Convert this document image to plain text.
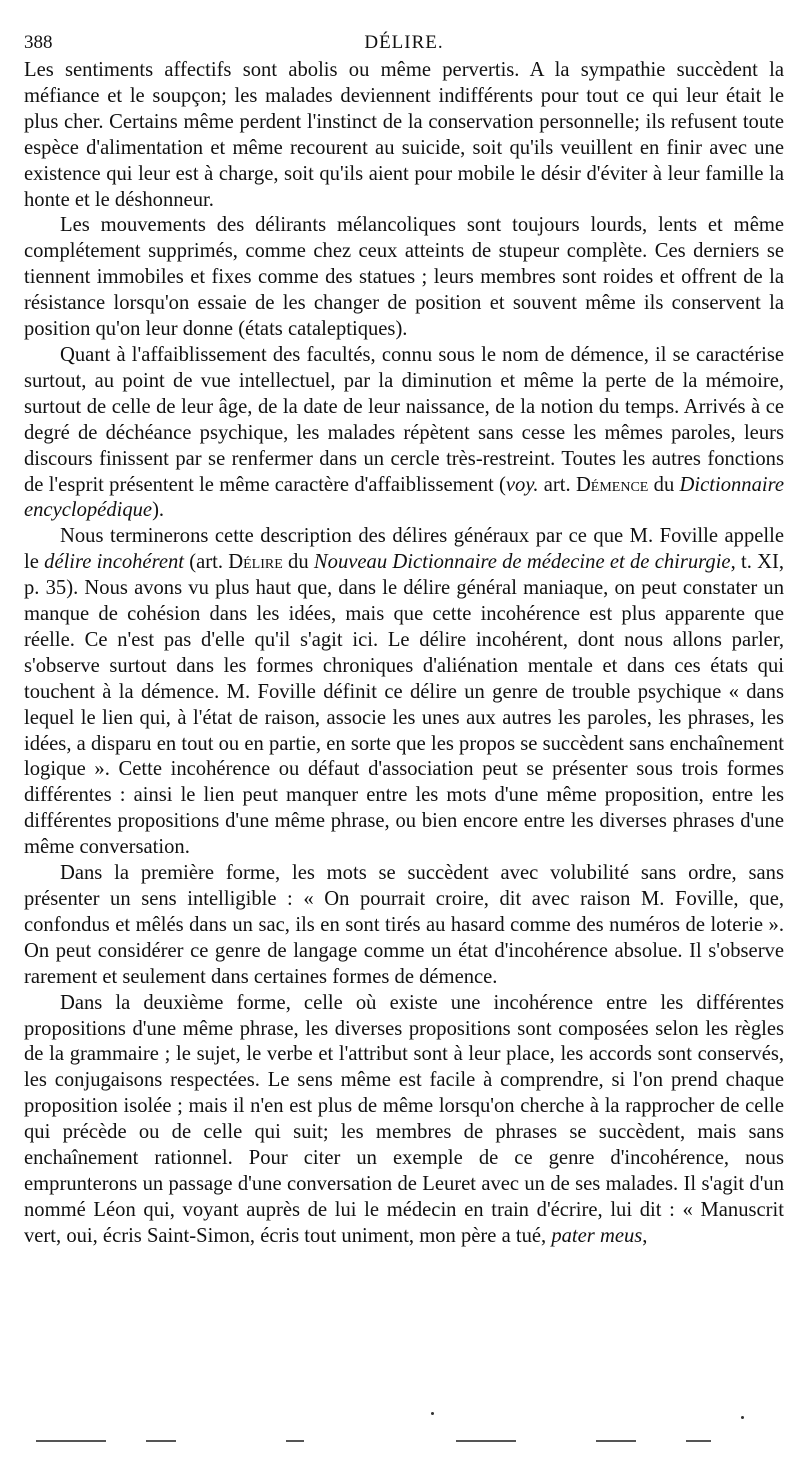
388	DÉLIRE.

Les sentiments affectifs sont abolis ou même pervertis. A la sympathie succèdent la méfiance et le soupçon; les malades deviennent indifférents pour tout ce qui leur était le plus cher. Certains même perdent l'instinct de la conservation personnelle; ils refusent toute espèce d'alimentation et même recourent au suicide, soit qu'ils veuillent en finir avec une existence qui leur est à charge, soit qu'ils aient pour mobile le désir d'éviter à leur famille la honte et le déshonneur.

Les mouvements des délirants mélancoliques sont toujours lourds, lents et même complétement supprimés, comme chez ceux atteints de stupeur complète. Ces derniers se tiennent immobiles et fixes comme des statues ; leurs membres sont roides et offrent de la résistance lorsqu'on essaie de les changer de position et souvent même ils conservent la position qu'on leur donne (états cataleptiques).

Quant à l'affaiblissement des facultés, connu sous le nom de démence, il se caractérise surtout, au point de vue intellectuel, par la diminution et même la perte de la mémoire, surtout de celle de leur âge, de la date de leur naissance, de la notion du temps. Arrivés à ce degré de déchéance psychique, les malades répètent sans cesse les mêmes paroles, leurs discours finissent par se renfermer dans un cercle très-restreint. Toutes les autres fonctions de l'esprit présentent le même caractère d'affaiblissement (voy. art. Démence du Dictionnaire encyclopédique).

Nous terminerons cette description des délires généraux par ce que M. Foville appelle le délire incohérent (art. Délire du Nouveau Dictionnaire de médecine et de chirurgie, t. XI, p. 35). Nous avons vu plus haut que, dans le délire général maniaque, on peut constater un manque de cohésion dans les idées, mais que cette incohérence est plus apparente que réelle. Ce n'est pas d'elle qu'il s'agit ici. Le délire incohérent, dont nous allons parler, s'observe surtout dans les formes chroniques d'aliénation mentale et dans ces états qui touchent à la démence. M. Foville définit ce délire un genre de trouble psychique « dans lequel le lien qui, à l'état de raison, associe les unes aux autres les paroles, les phrases, les idées, a disparu en tout ou en partie, en sorte que les propos se succèdent sans enchaînement logique ». Cette incohérence ou défaut d'association peut se présenter sous trois formes différentes : ainsi le lien peut manquer entre les mots d'une même proposition, entre les différentes propositions d'une même phrase, ou bien encore entre les diverses phrases d'une même conversation.

Dans la première forme, les mots se succèdent avec volubilité sans ordre, sans présenter un sens intelligible : « On pourrait croire, dit avec raison M. Foville, que, confondus et mêlés dans un sac, ils en sont tirés au hasard comme des numéros de loterie ». On peut considérer ce genre de langage comme un état d'incohérence absolue. Il s'observe rarement et seulement dans certaines formes de démence.

Dans la deuxième forme, celle où existe une incohérence entre les différentes propositions d'une même phrase, les diverses propositions sont composées selon les règles de la grammaire ; le sujet, le verbe et l'attribut sont à leur place, les accords sont conservés, les conjugaisons respectées. Le sens même est facile à comprendre, si l'on prend chaque proposition isolée ; mais il n'en est plus de même lorsqu'on cherche à la rapprocher de celle qui précède ou de celle qui suit; les membres de phrases se succèdent, mais sans enchaînement rationnel. Pour citer un exemple de ce genre d'incohérence, nous emprunterons un passage d'une conversation de Leuret avec un de ses malades. Il s'agit d'un nommé Léon qui, voyant auprès de lui le médecin en train d'écrire, lui dit : « Manuscrit vert, oui, écris Saint-Simon, écris tout uniment, mon père a tué, pater meus,
